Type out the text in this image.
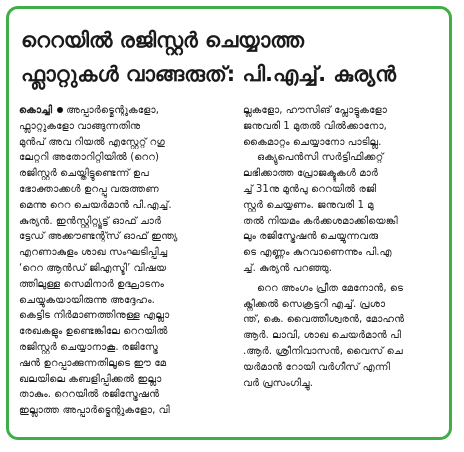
റെറയിൽ രജിസ്റ്റർ ചെയ്യാത്ത
ഫ്ലാറ്റുകൾ വാങ്ങരുത്: പി.എച്ച്. കുര്യൻ
കൊച്ചി അപ്പാർട്മെന്റുകളോ,
ഫ്ലാറ്റുകളോ വാങ്ങുന്നതിനു
മുൻപ് അവ റിയൽ എസ്റ്റേറ്റ് റഗു
ലേറ്ററി അതോറിറ്റിയിൽ (റെറ)
രജിസ്റ്റർ ചെയ്തിട്ടുണ്ടെന്ന് ഉപ
ഭോക്താക്കൾ ഉറപ്പു വരുത്തണ
മെന്നു റെറ ചെയർമാൻ പി.എച്ച്.
കുര്യൻ. ഇൻസ്റ്റിറ്റ്യൂട്ട് ഓഫ് ചാർ
ട്ടേഡ് അക്കൗണ്ടന്റ്സ് ഓഫ് ഇന്ത്യ
എറണാകുളം ശാഖ സംഘടിപ്പിച്ച
‘റെറ ആൻഡ് ജിഎസ്ടി’ വിഷയ
ത്തിലുള്ള സെമിനാർ ഉദ്ഘാടനം
ചെയ്യുകയായിരുന്നു അദ്ദേഹം.
കെട്ടിട നിർമാണത്തിനുള്ള എല്ലാ
രേഖകളും ഉണ്ടെങ്കിലേ റെറയിൽ
രജിസ്റ്റർ ചെയ്യാനാകൂ. രജിസ്ട്രേ
ഷൻ ഉറപ്പാക്കുന്നതിലൂടെ ഈ മേ
ഖലയിലെ കബളിപ്പിക്കൽ ഇല്ലാ
താകും. റെറയിൽ രജിസ്ട്രേഷൻ
ഇല്ലാത്ത അപ്പാർട്മെന്റുകളോ, വി
ല്ലകളോ, ഹൗസിങ് പ്ലോട്ടുകളോ
ജനുവരി 1 മുതൽ വിൽക്കാനോ,
കൈമാറ്റം ചെയ്യാനോ പാടില്ല.
ഒക്യുപെൻസി സർട്ടിഫിക്കറ്റ്
ലഭിക്കാത്ത പ്രോജക്ടുകൾ മാർ
ച്ച് 31നു മുൻപു റെറയിൽ രജി
സ്റ്റർ ചെയ്യണം. ജനുവരി 1 മു
തൽ നിയമം കർക്കശമാക്കിയെങ്കി
ലും രജിസ്ട്രേഷൻ ചെയ്യുന്നവരു
ടെ എണ്ണം കുറവാണെന്നും പി.എ
ച്ച്. കുര്യൻ പറഞ്ഞു.
റെറ അംഗം പ്രീത മേനോൻ, ടെ
ക്നിക്കൽ സെക്രട്ടറി എച്ച്. പ്രശാ
ന്ത്, കെ. വൈത്തീശ്വരൻ, മോഹൻ
ആർ. ലാവി, ശാഖ ചെയർമാൻ പി
.ആർ. ശ്രീനിവാസൻ, വൈസ് ചെ
യർമാൻ റോയി വർഗീസ് എന്നി
വർ പ്രസംഗിച്ചു.
